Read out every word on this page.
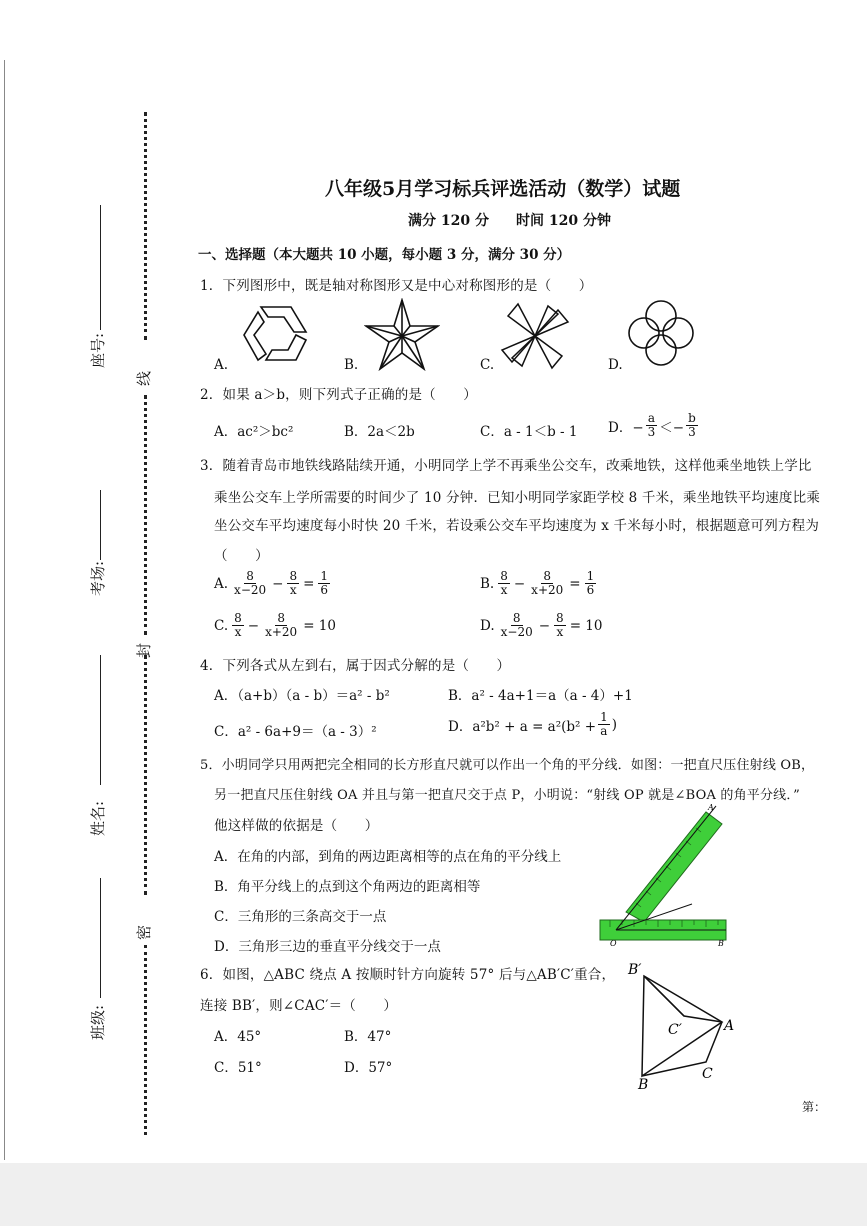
线
封
密
座号:
考场:
姓名:
班级:
八年级5月学习标兵评选活动（数学）试题
满分 120 分 时间 120 分钟
一、选择题（本大题共 10 小题，每小题 3 分，满分 30 分）
1．下列图形中，既是轴对称图形又是中心对称图形的是（　　）
A.	B.	C.	D.
2．如果 a＞b，则下列式子正确的是（　　）
A．ac²＞bc²	B．2a＜2b	C．a - 1＜b - 1 D．− $\frac{a}{3} <- \frac{b}{3}$
3．随着青岛市地铁线路陆续开通，小明同学上学不再乘坐公交车，改乘地铁，这样他乘坐地铁上学比
乘坐公交车上学所需要的时间少了 10 分钟．已知小明同学家距学校 8 千米，乘坐地铁平均速度比乘
坐公交车平均速度每小时快 20 千米，若设乘公交车平均速度为 x 千米每小时，根据题意可列方程为
（　　）
A. $\frac{8}{x-20} - \frac{8}{x} = \frac{1}{6}$	B. $\frac{8}{x} - \frac{8}{x+20} = \frac{1}{6}$
C. $\frac{8}{x} - \frac{8}{x+20} = 10$	D. $\frac{8}{x-20} - \frac{8}{x} = 10$
4．下列各式从左到右，属于因式分解的是（　　）
A．（a+b）（a - b）＝a² - b²	B．a² - 4a+1＝a（a - 4）+1
C．a² - 6a+9＝（a - 3）²	D．$a^2b^2 + a = a^2(b^2 + \frac{1}{a}$ )
5．小明同学只用两把完全相同的长方形直尺就可以作出一个角的平分线．如图：一把直尺压住射线 OB，
另一把直尺压住射线 OA 并且与第一把直尺交于点 P，小明说：“射线 OP 就是∠BOA 的角平分线．”
他这样做的依据是（　　）
A．在角的内部，到角的两边距离相等的点在角的平分线上
B．角平分线上的点到这个角两边的距离相等
C．三角形的三条高交于一点
D．三角形三边的垂直平分线交于一点	O	B
A
6．如图，△ABC 绕点 A 按顺时针方向旋转 57° 后与△AB′C′重合，
连接 BB′，则∠CAC′＝（　　）
A．45°	B．47°
C．51°	D．57°
B′
C′	A
B
C
第：
